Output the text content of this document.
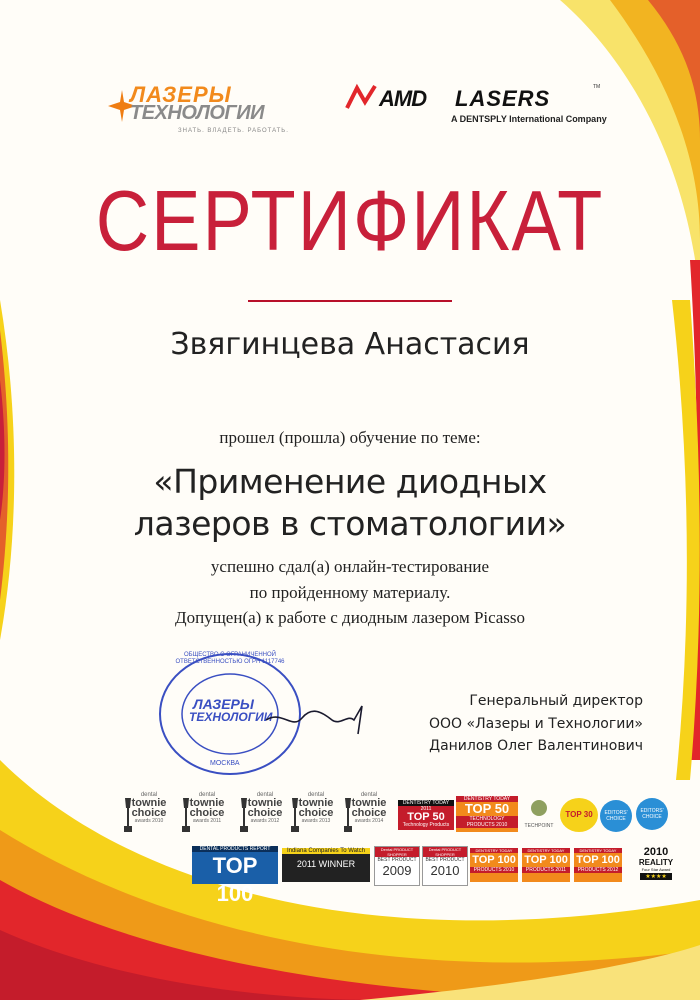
ЛАЗЕРЫ
ТЕХНОЛОГИИ
ЗНАТЬ. ВЛАДЕТЬ. РАБОТАТЬ.
AMD LASERS	TM
A DENTSPLY International Company
СЕРТИФИКАТ
Звягинцева Анастасия
прошел (прошла) обучение по теме:
«Применение диодных
лазеров в стоматологии»
успешно сдал(а) онлайн-тестирование
по пройденному материалу.
Допущен(а) к работе с диодным лазером Picasso
ОБЩЕСТВО С ОГРАНИЧЕННОЙ ОТВЕТСТВЕННОСТЬЮ ОГРН 1117746
ЛАЗЕРЫ
ТЕХНОЛОГИИ
МОСКВА
Генеральный директор
ООО «Лазеры и Технологии»
Данилов Олег Валентинович
dental
townie
choice
awards 2010
dental
townie
choice
awards 2011
dental
townie
choice
awards 2012
dental
townie
choice
awards 2013
dental
townie
choice
awards 2014
DENTISTRY TODAY
2011
TOP 50
Technology Products
DENTISTRY TODAY
TOP 50
TECHNOLOGY PRODUCTS 2010	TECHPOINT
TOP 30	EDITORS' CHOICE
EDITORS' CHOICE
DENTAL PRODUCTS REPORT
TOP 100
Indiana Companies To Watch
2011 WINNER
Dental PRODUCT SHOPPER
BEST PRODUCT
2009
Dental PRODUCT SHOPPER
BEST PRODUCT
2010
DENTISTRY TODAY
TOP 100
PRODUCTS 2010
DENTISTRY TODAY
TOP 100
PRODUCTS 2011
DENTISTRY TODAY
TOP 100
PRODUCTS 2012
2010
REALITY
Four Star Award
★★★★
